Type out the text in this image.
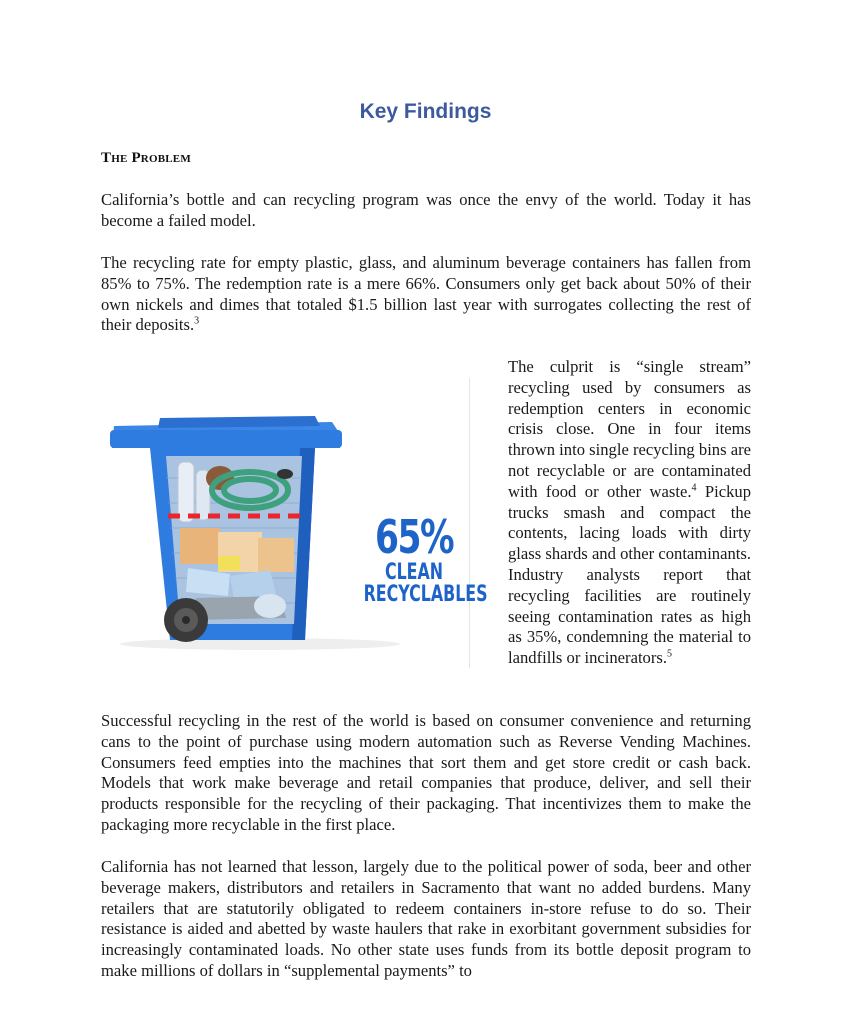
Key Findings
The Problem

California’s bottle and can recycling program was once the envy of the world. Today it has become a failed model.

The recycling rate for empty plastic, glass, and aluminum beverage containers has fallen from 85% to 75%. The redemption rate is a mere 66%. Consumers only get back about 50% of their own nickels and dimes that totaled $1.5 billion last year with surrogates collecting the rest of their deposits.$^3$

65%
CLEAN
RECYCLABLES

The culprit is “single stream” recycling used by consumers as redemption centers in economic crisis close. One in four items thrown into single recycling bins are not recyclable or are contaminated with food or other waste.$^4$ Pickup trucks smash and compact the contents, lacing loads with dirty glass shards and other contaminants. Industry analysts report that recycling facilities are routinely seeing contamination rates as high as 35%, condemning the material to landfills or incinerators.$^5$

Successful recycling in the rest of the world is based on consumer convenience and returning cans to the point of purchase using modern automation such as Reverse Vending Machines. Consumers feed empties into the machines that sort them and get store credit or cash back. Models that work make beverage and retail companies that produce, deliver, and sell their products responsible for the recycling of their packaging. That incentivizes them to make the packaging more recyclable in the first place.

California has not learned that lesson, largely due to the political power of soda, beer and other beverage makers, distributors and retailers in Sacramento that want no added burdens. Many retailers that are statutorily obligated to redeem containers in-store refuse to do so. Their resistance is aided and abetted by waste haulers that rake in exorbitant government subsidies for increasingly contaminated loads. No other state uses funds from its bottle deposit program to make millions of dollars in “supplemental payments” to
